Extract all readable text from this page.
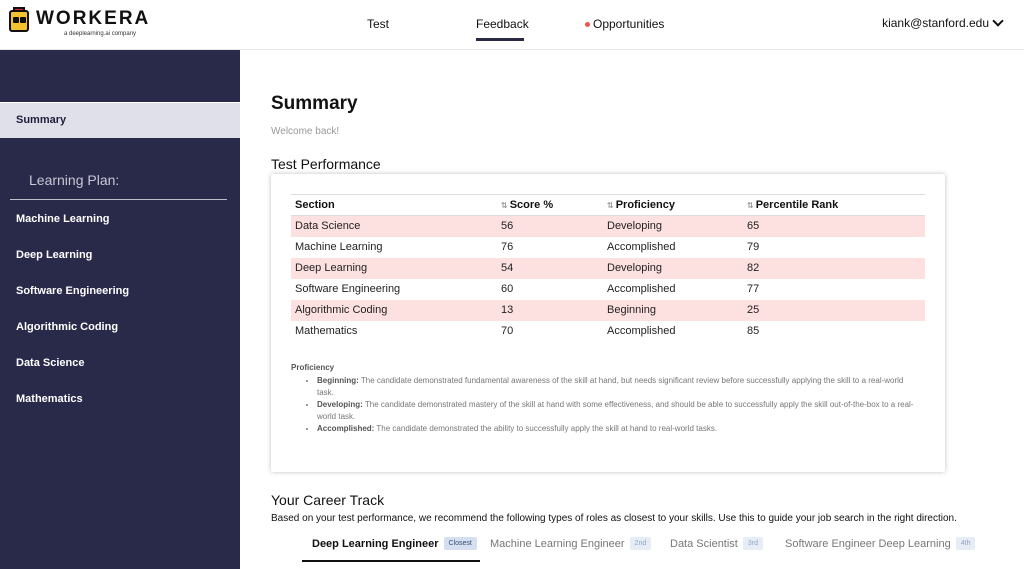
WORKERA
a deeplearning.ai company
Test	Feedback	Opportunities	kiank@stanford.edu
Summary
Learning Plan:
Machine Learning
Deep Learning
Software Engineering
Algorithmic Coding
Data Science
Mathematics
Summary
Welcome back!
Test Performance
Section	⇅ Score %	⇅ Proficiency	⇅ Percentile Rank
Data Science	56	Developing	65
Machine Learning	76	Accomplished	79
Deep Learning	54	Developing	82
Software Engineering	60	Accomplished	77
Algorithmic Coding	13	Beginning	25
Mathematics	70	Accomplished	85
Proficiency
• Beginning: The candidate demonstrated fundamental awareness of the skill at hand, but needs significant review before successfully applying the skill to a real-world task.
• Developing: The candidate demonstrated mastery of the skill at hand with some effectiveness, and should be able to successfully apply the skill out-of-the-box to a real-world task.
• Accomplished: The candidate demonstrated the ability to successfully apply the skill at hand to real-world tasks.
Your Career Track
Based on your test performance, we recommend the following types of roles as closest to your skills. Use this to guide your job search in the right direction.
Deep Learning Engineer	Closest	Machine Learning Engineer	2nd	Data Scientist	3rd	Software Engineer Deep Learning	4th
